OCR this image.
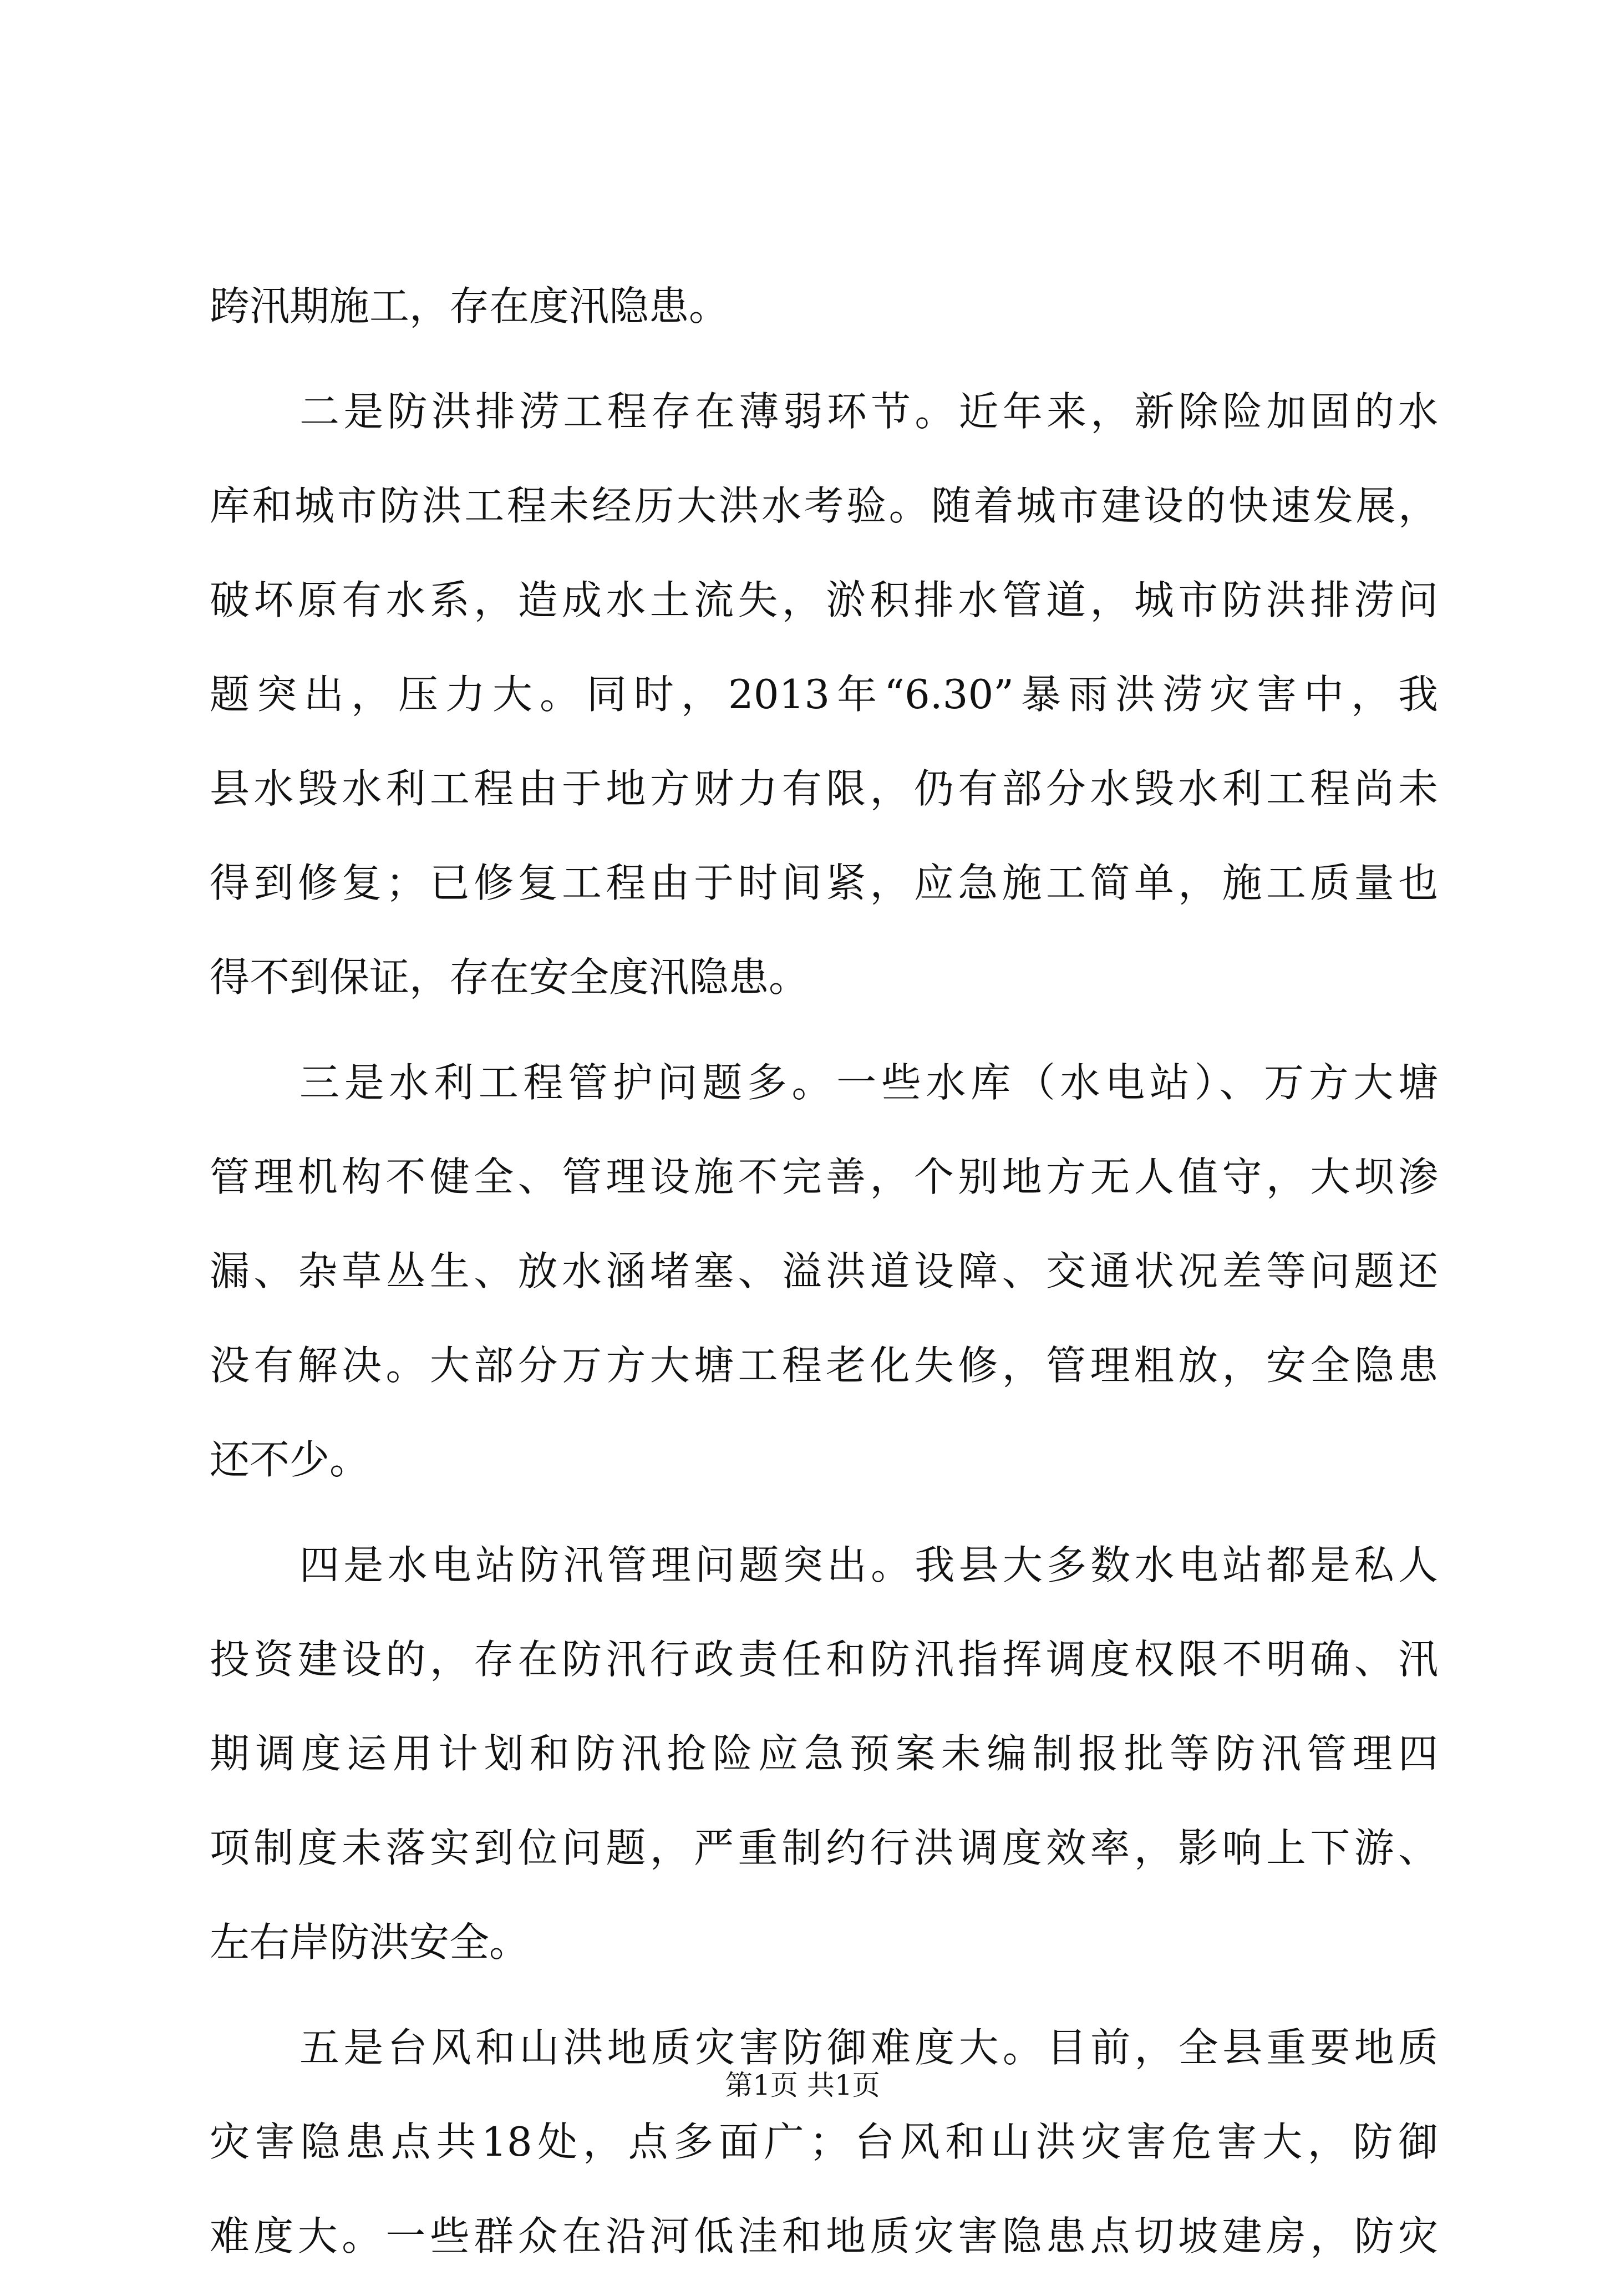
跨汛期施工，存在度汛隐患。
二是防洪排涝工程存在薄弱环节。近年来，新除险加固的水
库和城市防洪工程未经历大洪水考验。随着城市建设的快速发展，
破坏原有水系，造成水土流失，淤积排水管道，城市防洪排涝问
题突出，压力大。同时，2013年“6.30”暴雨洪涝灾害中，我
县水毁水利工程由于地方财力有限，仍有部分水毁水利工程尚未
得到修复；已修复工程由于时间紧，应急施工简单，施工质量也
得不到保证，存在安全度汛隐患。
三是水利工程管护问题多。一些水库（水电站）、万方大塘
管理机构不健全、管理设施不完善，个别地方无人值守，大坝渗
漏、杂草丛生、放水涵堵塞、溢洪道设障、交通状况差等问题还
没有解决。大部分万方大塘工程老化失修，管理粗放，安全隐患
还不少。
四是水电站防汛管理问题突出。我县大多数水电站都是私人
投资建设的，存在防汛行政责任和防汛指挥调度权限不明确、汛
期调度运用计划和防汛抢险应急预案未编制报批等防汛管理四
项制度未落实到位问题，严重制约行洪调度效率，影响上下游、
左右岸防洪安全。
五是台风和山洪地质灾害防御难度大。目前，全县重要地质
灾害隐患点共18处，点多面广；台风和山洪灾害危害大，防御
难度大。一些群众在沿河低洼和地质灾害隐患点切坡建房，防灾
第1页 共1页
